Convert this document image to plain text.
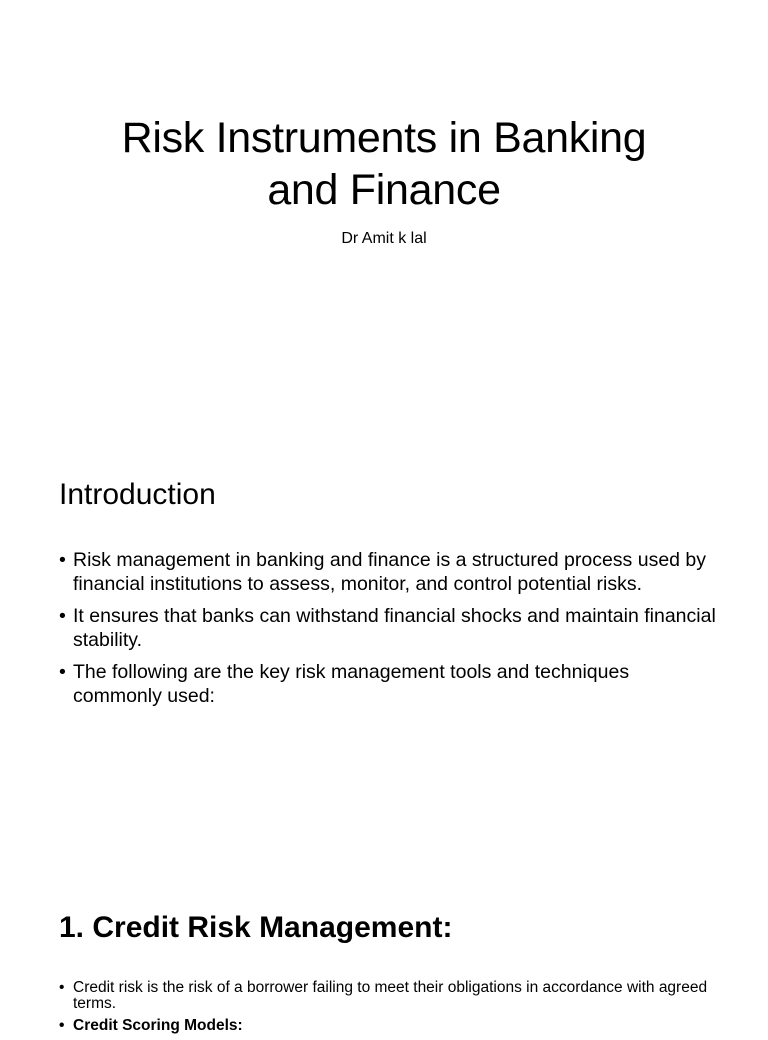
Risk Instruments in Banking
and Finance
Dr Amit k lal
Introduction
• Risk management in banking and finance is a structured process used by financial institutions to assess, monitor, and control potential risks.
• It ensures that banks can withstand financial shocks and maintain financial stability.
• The following are the key risk management tools and techniques commonly used:
1. Credit Risk Management:
• Credit risk is the risk of a borrower failing to meet their obligations in accordance with agreed terms.
• Credit Scoring Models:
